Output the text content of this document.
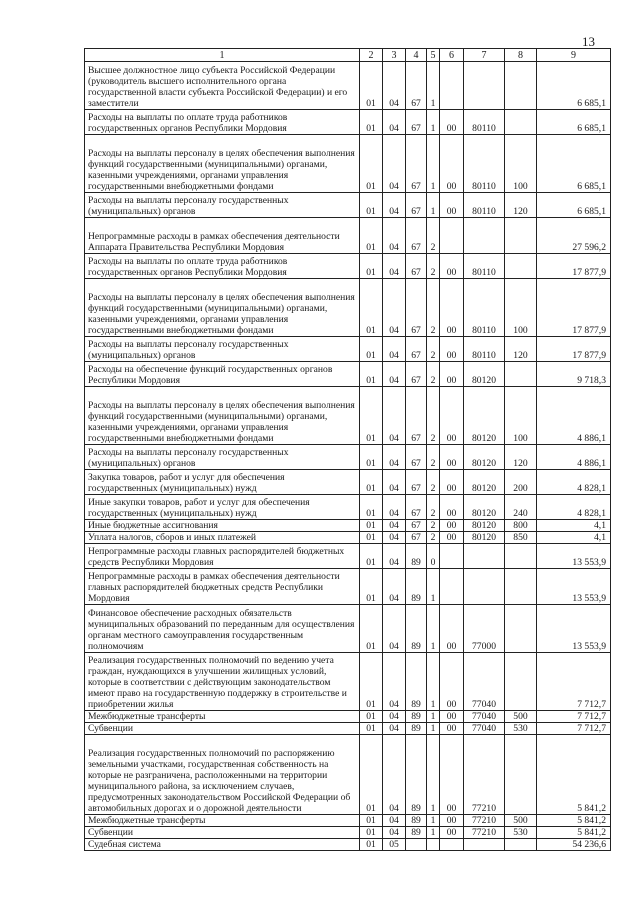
13
1	2	3	4	5	6	7	8	9
Высшее должностное лицо субъекта Российской Федерации (руководитель высшего исполнительного органа государственной власти субъекта Российской Федерации) и его заместители	01	04	67	1				6 685,1
Расходы на выплаты по оплате труда работников государственных органов Республики Мордовия	01	04	67	1	00	80110		6 685,1
Расходы на выплаты персоналу в целях обеспечения выполнения функций государственными (муниципальными) органами, казенными учреждениями, органами управления государственными внебюджетными фондами	01	04	67	1	00	80110	100	6 685,1
Расходы на выплаты персоналу государственных (муниципальных) органов	01	04	67	1	00	80110	120	6 685,1
Непрограммные расходы в рамках обеспечения деятельности Аппарата Правительства Республики Мордовия	01	04	67	2				27 596,2
Расходы на выплаты по оплате труда работников государственных органов Республики Мордовия	01	04	67	2	00	80110		17 877,9
Расходы на выплаты персоналу в целях обеспечения выполнения функций государственными (муниципальными) органами, казенными учреждениями, органами управления государственными внебюджетными фондами	01	04	67	2	00	80110	100	17 877,9
Расходы на выплаты персоналу государственных (муниципальных) органов	01	04	67	2	00	80110	120	17 877,9
Расходы на обеспечение функций государственных органов Республики Мордовия	01	04	67	2	00	80120		9 718,3
Расходы на выплаты персоналу в целях обеспечения выполнения функций государственными (муниципальными) органами, казенными учреждениями, органами управления государственными внебюджетными фондами	01	04	67	2	00	80120	100	4 886,1
Расходы на выплаты персоналу государственных (муниципальных) органов	01	04	67	2	00	80120	120	4 886,1
Закупка товаров, работ и услуг для обеспечения государственных (муниципальных) нужд	01	04	67	2	00	80120	200	4 828,1
Иные закупки товаров, работ и услуг для обеспечения государственных (муниципальных) нужд	01	04	67	2	00	80120	240	4 828,1
Иные бюджетные ассигнования	01	04	67	2	00	80120	800	4,1
Уплата налогов, сборов и иных платежей	01	04	67	2	00	80120	850	4,1
Непрограммные расходы главных распорядителей бюджетных средств Республики Мордовия	01	04	89	0				13 553,9
Непрограммные расходы в рамках обеспечения деятельности главных распорядителей бюджетных средств Республики Мордовия	01	04	89	1				13 553,9
Финансовое обеспечение расходных обязательств муниципальных образований по переданным для осуществления органам местного самоуправления государственным полномочиям	01	04	89	1	00	77000		13 553,9
Реализация государственных полномочий по ведению учета граждан, нуждающихся в улучшении жилищных условий, которые в соответствии с действующим законодательством имеют право на государственную поддержку в строительстве и приобретении жилья	01	04	89	1	00	77040		7 712,7
Межбюджетные трансферты	01	04	89	1	00	77040	500	7 712,7
Субвенции	01	04	89	1	00	77040	530	7 712,7
Реализация государственных полномочий по распоряжению земельными участками, государственная собственность на которые не разграничена, расположенными на территории муниципального района, за исключением случаев, предусмотренных законодательством Российской Федерации об автомобильных дорогах и о дорожной деятельности	01	04	89	1	00	77210		5 841,2
Межбюджетные трансферты	01	04	89	1	00	77210	500	5 841,2
Субвенции	01	04	89	1	00	77210	530	5 841,2
Судебная система	01	05						54 236,6
